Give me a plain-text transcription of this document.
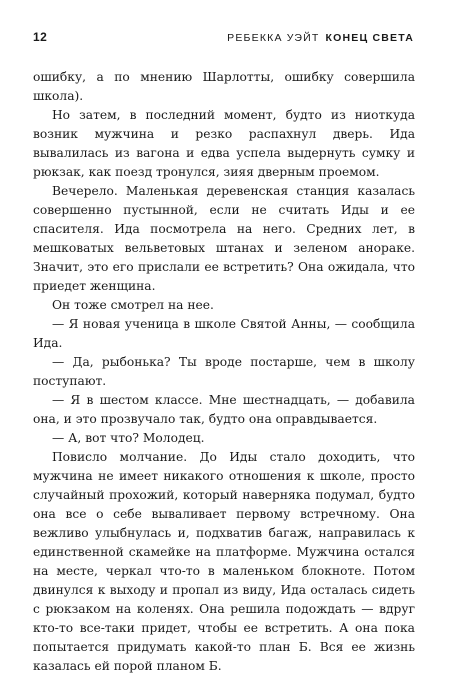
12	РЕБЕККА УЭЙТ КОНЕЦ СВЕТА

ошибку, а по мнению Шарлотты, ошибку совершила школа).

Но затем, в последний момент, будто из ниоткуда возник мужчина и резко распахнул дверь. Ида вывалилась из вагона и едва успела выдернуть сумку и рюкзак, как поезд тронулся, зияя дверным проемом.

Вечерело. Маленькая деревенская станция казалась совершенно пустынной, если не считать Иды и ее спасителя. Ида посмотрела на него. Средних лет, в мешковатых вельветовых штанах и зеленом анораке. Значит, это его прислали ее встретить? Она ожидала, что приедет женщина.

Он тоже смотрел на нее.

— Я новая ученица в школе Святой Анны, — сообщила Ида.

— Да, рыбонька? Ты вроде постарше, чем в школу поступают.

— Я в шестом классе. Мне шестнадцать, — добавила она, и это прозвучало так, будто она оправдывается.

— А, вот что? Молодец.

Повисло молчание. До Иды стало доходить, что мужчина не имеет никакого отношения к школе, просто случайный прохожий, который наверняка подумал, будто она все о себе вываливает первому встречному. Она вежливо улыбнулась и, подхватив багаж, направилась к единственной скамейке на платформе. Мужчина остался на месте, черкал что-то в маленьком блокноте. Потом двинулся к выходу и пропал из виду, Ида осталась сидеть с рюкзаком на коленях. Она решила подождать — вдруг кто-то все-таки придет, чтобы ее встретить. А она пока попытается придумать какой-то план Б. Вся ее жизнь казалась ей порой планом Б.
